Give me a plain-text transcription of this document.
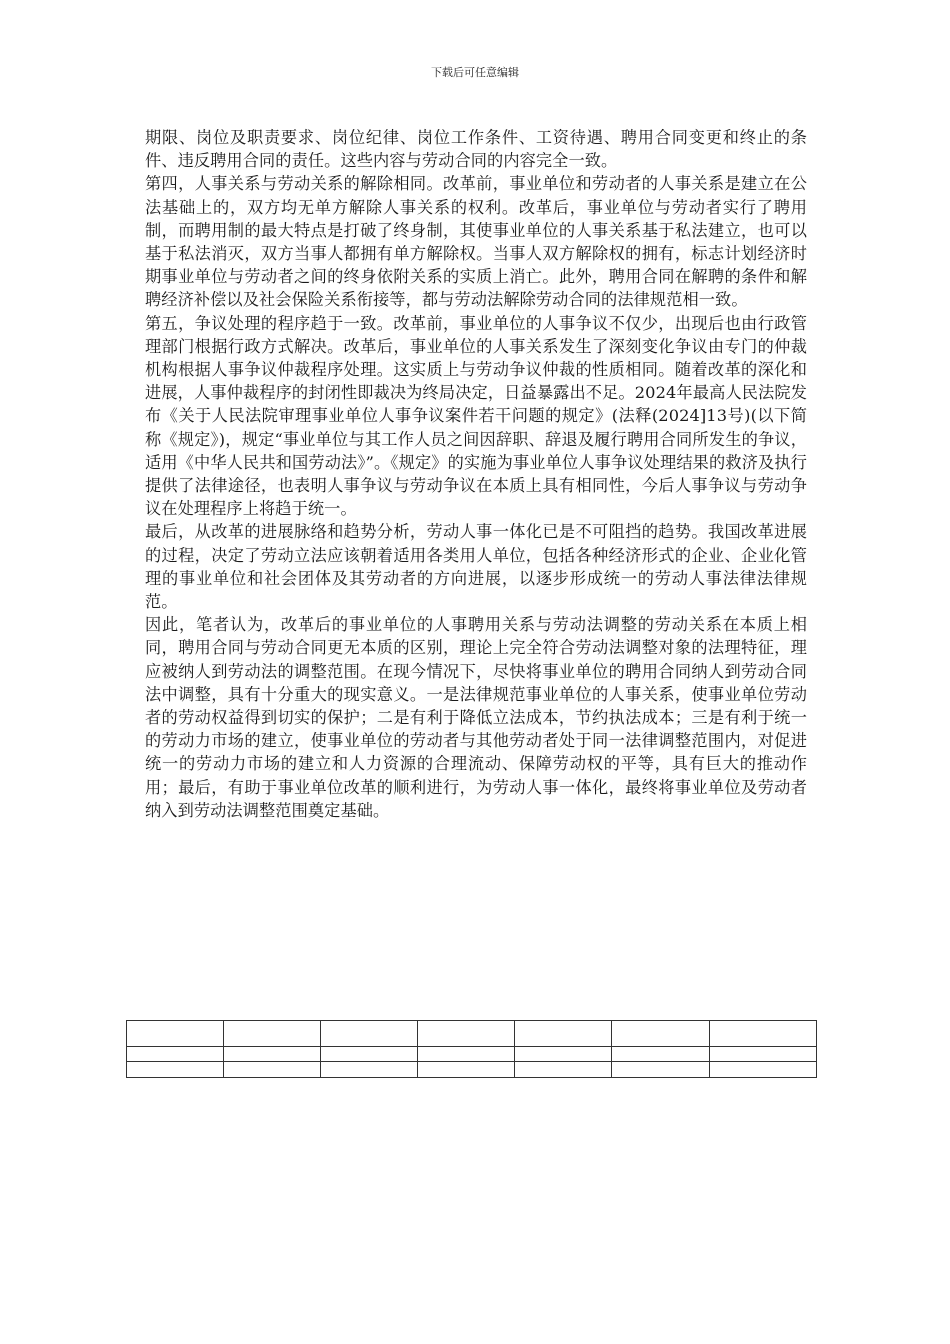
下载后可任意编辑

期限、岗位及职责要求、岗位纪律、岗位工作条件、工资待遇、聘用合同变更和终止的条件、违反聘用合同的责任。这些内容与劳动合同的内容完全一致。

第四，人事关系与劳动关系的解除相同。改革前，事业单位和劳动者的人事关系是建立在公法基础上的，双方均无单方解除人事关系的权利。改革后，事业单位与劳动者实行了聘用制，而聘用制的最大特点是打破了终身制，其使事业单位的人事关系基于私法建立，也可以基于私法消灭，双方当事人都拥有单方解除权。当事人双方解除权的拥有，标志计划经济时期事业单位与劳动者之间的终身依附关系的实质上消亡。此外，聘用合同在解聘的条件和解聘经济补偿以及社会保险关系衔接等，都与劳动法解除劳动合同的法律规范相一致。

第五，争议处理的程序趋于一致。改革前，事业单位的人事争议不仅少，出现后也由行政管理部门根据行政方式解决。改革后，事业单位的人事关系发生了深刻变化争议由专门的仲裁机构根据人事争议仲裁程序处理。这实质上与劳动争议仲裁的性质相同。随着改革的深化和进展，人事仲裁程序的封闭性即裁决为终局决定，日益暴露出不足。2024年最高人民法院发布《关于人民法院审理事业单位人事争议案件若干问题的规定》(法释(2024]13号)(以下简称《规定》)，规定“事业单位与其工作人员之间因辞职、辞退及履行聘用合同所发生的争议，适用《中华人民共和国劳动法》”。《规定》的实施为事业单位人事争议处理结果的救济及执行提供了法律途径，也表明人事争议与劳动争议在本质上具有相同性，今后人事争议与劳动争议在处理程序上将趋于统一。

最后，从改革的进展脉络和趋势分析，劳动人事一体化已是不可阻挡的趋势。我国改革进展的过程，决定了劳动立法应该朝着适用各类用人单位，包括各种经济形式的企业、企业化管理的事业单位和社会团体及其劳动者的方向进展，以逐步形成统一的劳动人事法律法律规范。

因此，笔者认为，改革后的事业单位的人事聘用关系与劳动法调整的劳动关系在本质上相同，聘用合同与劳动合同更无本质的区别，理论上完全符合劳动法调整对象的法理特征，理应被纳人到劳动法的调整范围。在现今情况下，尽快将事业单位的聘用合同纳人到劳动合同法中调整，具有十分重大的现实意义。一是法律规范事业单位的人事关系，使事业单位劳动者的劳动权益得到切实的保护；二是有利于降低立法成本，节约执法成本；三是有利于统一的劳动力市场的建立，使事业单位的劳动者与其他劳动者处于同一法律调整范围内，对促进统一的劳动力市场的建立和人力资源的合理流动、保障劳动权的平等，具有巨大的推动作用；最后，有助于事业单位改革的顺利进行，为劳动人事一体化，最终将事业单位及劳动者纳入到劳动法调整范围奠定基础。
